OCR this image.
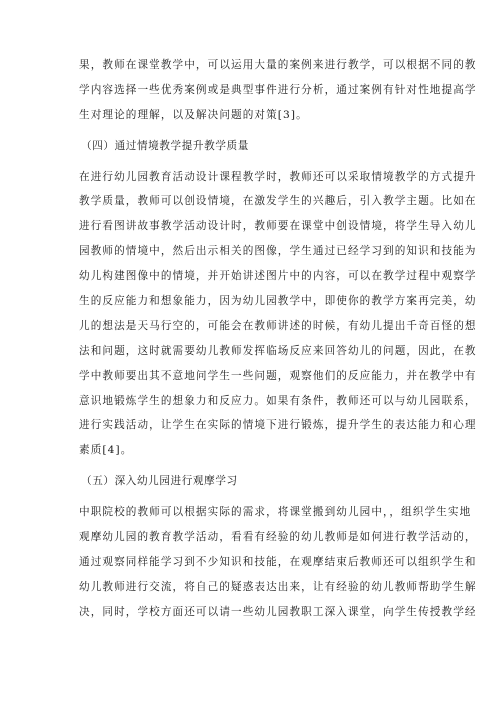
果，教师在课堂教学中，可以运用大量的案例来进行教学，可以根据不同的教
学内容选择一些优秀案例或是典型事件进行分析，通过案例有针对性地提高学
生对理论的理解，以及解决问题的对策[3]。
（四）通过情境教学提升教学质量
在进行幼儿园教育活动设计课程教学时，教师还可以采取情境教学的方式提升
教学质量，教师可以创设情境，在激发学生的兴趣后，引入教学主题。比如在
进行看图讲故事教学活动设计时，教师要在课堂中创设情境，将学生导入幼儿
园教师的情境中，然后出示相关的图像，学生通过已经学习到的知识和技能为
幼儿构建图像中的情境，并开始讲述图片中的内容，可以在教学过程中观察学
生的反应能力和想象能力，因为幼儿园教学中，即使你的教学方案再完美，幼
儿的想法是天马行空的，可能会在教师讲述的时候，有幼儿提出千奇百怪的想
法和问题，这时就需要幼儿教师发挥临场反应来回答幼儿的问题，因此，在教
学中教师要出其不意地问学生一些问题，观察他们的反应能力，并在教学中有
意识地锻炼学生的想象力和反应力。如果有条件，教师还可以与幼儿园联系，
进行实践活动，让学生在实际的情境下进行锻炼，提升学生的表达能力和心理
素质[4]。
（五）深入幼儿园进行观摩学习
中职院校的教师可以根据实际的需求，将课堂搬到幼儿园中，，组织学生实地
观摩幼儿园的教育教学活动，看看有经验的幼儿教师是如何进行教学活动的，
通过观察同样能学习到不少知识和技能，在观摩结束后教师还可以组织学生和
幼儿教师进行交流，将自己的疑惑表达出来，让有经验的幼儿教师帮助学生解
决，同时，学校方面还可以请一些幼儿园教职工深入课堂，向学生传授教学经
